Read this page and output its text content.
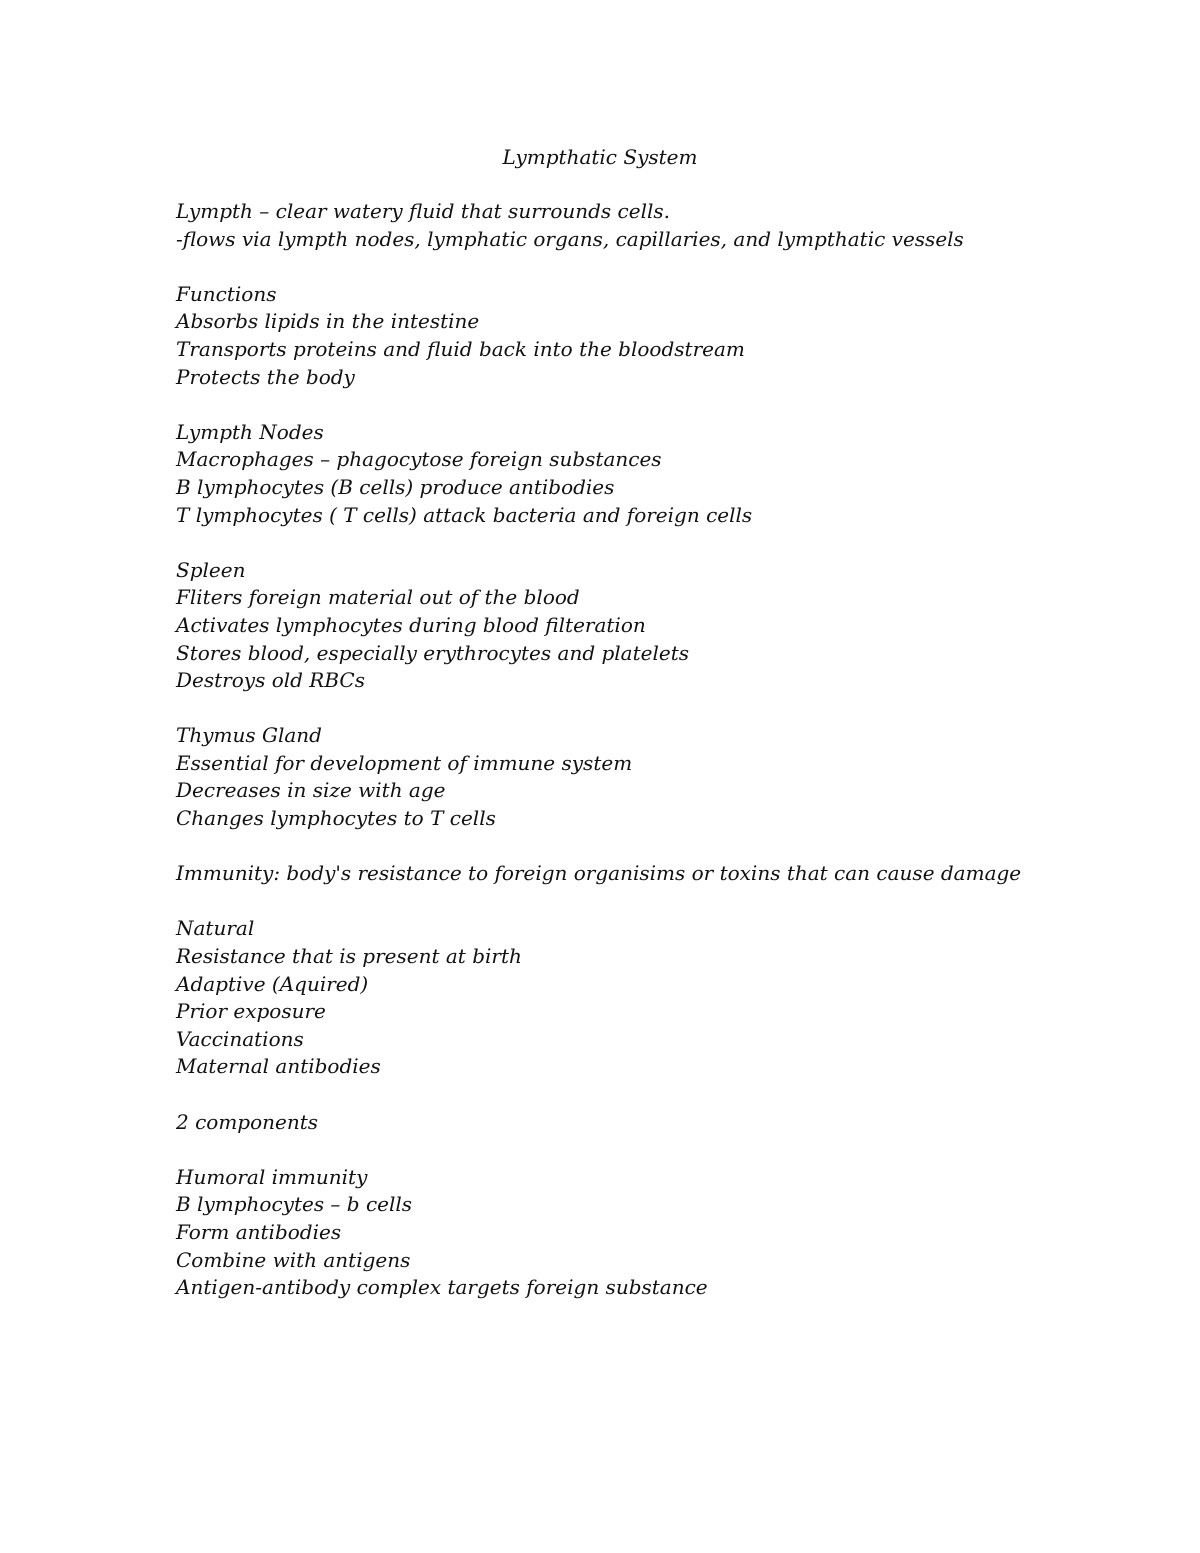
Lympthatic System

Lympth – clear watery fluid that surrounds cells.

-flows via lympth nodes, lymphatic organs, capillaries, and lympthatic vessels

Functions

Absorbs lipids in the intestine

Transports proteins and fluid back into the bloodstream

Protects the body

Lympth Nodes

Macrophages – phagocytose foreign substances

B lymphocytes (B cells) produce antibodies

T lymphocytes ( T cells) attack bacteria and foreign cells

Spleen

Fliters foreign material out of the blood

Activates lymphocytes during blood filteration

Stores blood, especially erythrocytes and platelets

Destroys old RBCs

Thymus Gland

Essential for development of immune system

Decreases in size with age

Changes lymphocytes to T cells

Immunity: body's resistance to foreign organisims or toxins that can cause damage

Natural

Resistance that is present at birth

Adaptive (Aquired)

Prior exposure

Vaccinations

Maternal antibodies

2 components

Humoral immunity

B lymphocytes – b cells

Form antibodies

Combine with antigens

Antigen-antibody complex targets foreign substance
